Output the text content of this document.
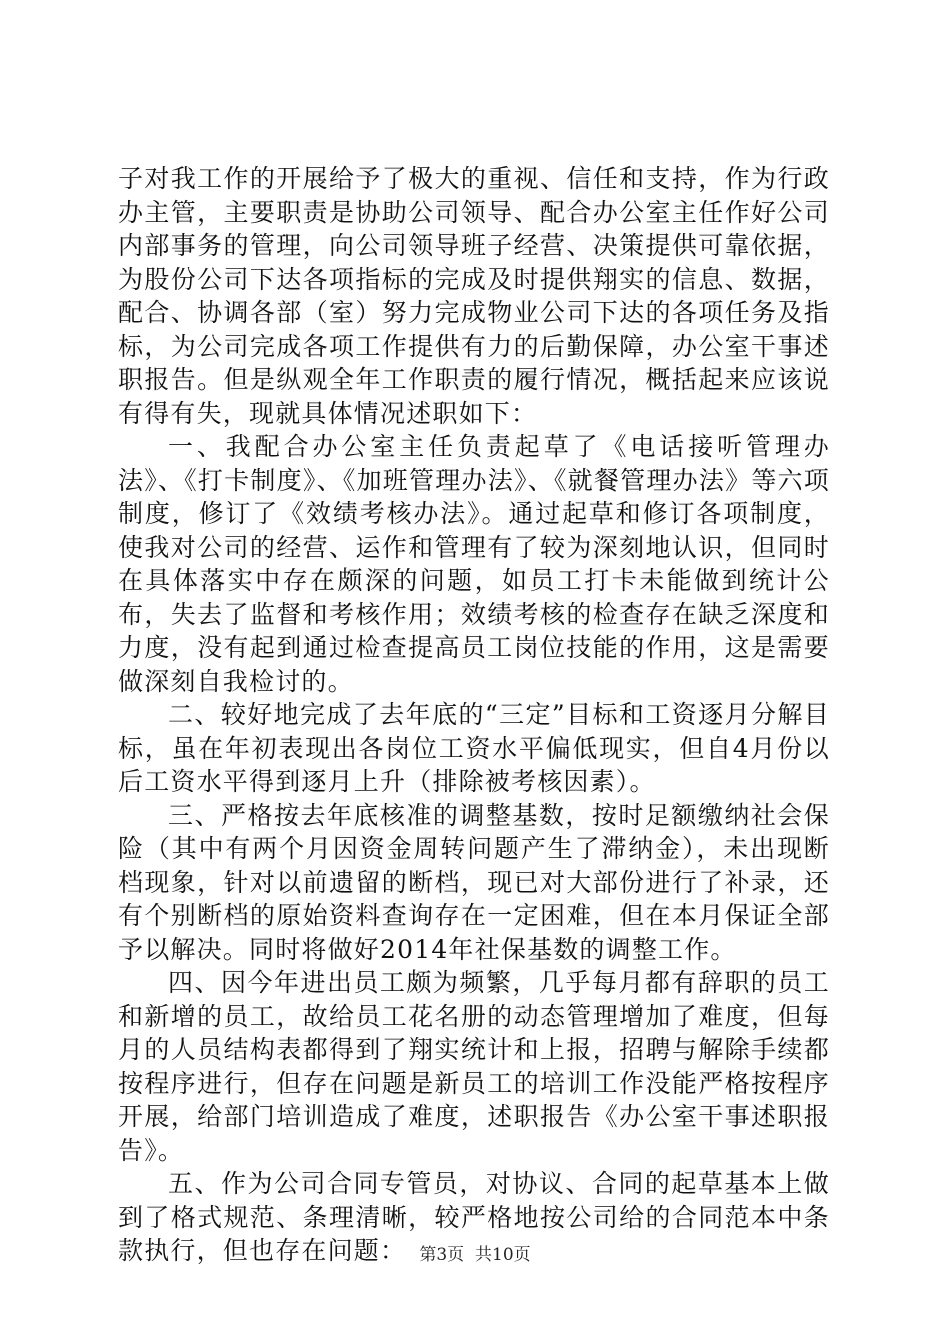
子对我工作的开展给予了极大的重视、信任和支持，作为行政办主管，主要职责是协助公司领导、配合办公室主任作好公司内部事务的管理，向公司领导班子经营、决策提供可靠依据，为股份公司下达各项指标的完成及时提供翔实的信息、数据，配合、协调各部（室）努力完成物业公司下达的各项任务及指标，为公司完成各项工作提供有力的后勤保障，办公室干事述职报告。但是纵观全年工作职责的履行情况，概括起来应该说有得有失，现就具体情况述职如下：

一、我配合办公室主任负责起草了《电话接听管理办法》、《打卡制度》、《加班管理办法》、《就餐管理办法》等六项制度，修订了《效绩考核办法》。通过起草和修订各项制度，使我对公司的经营、运作和管理有了较为深刻地认识，但同时在具体落实中存在颇深的问题，如员工打卡未能做到统计公布，失去了监督和考核作用；效绩考核的检查存在缺乏深度和力度，没有起到通过检查提高员工岗位技能的作用，这是需要做深刻自我检讨的。

二、较好地完成了去年底的“三定”目标和工资逐月分解目标，虽在年初表现出各岗位工资水平偏低现实，但自4月份以后工资水平得到逐月上升（排除被考核因素）。

三、严格按去年底核准的调整基数，按时足额缴纳社会保险（其中有两个月因资金周转问题产生了滞纳金），未出现断档现象，针对以前遗留的断档，现已对大部份进行了补录，还有个别断档的原始资料查询存在一定困难，但在本月保证全部予以解决。同时将做好2014年社保基数的调整工作。

四、因今年进出员工颇为频繁，几乎每月都有辞职的员工和新增的员工，故给员工花名册的动态管理增加了难度，但每月的人员结构表都得到了翔实统计和上报，招聘与解除手续都按程序进行，但存在问题是新员工的培训工作没能严格按程序开展，给部门培训造成了难度，述职报告《办公室干事述职报告》。

五、作为公司合同专管员，对协议、合同的起草基本上做到了格式规范、条理清晰，较严格地按公司给的合同范本中条款执行，但也存在问题： 第3页 共10页
